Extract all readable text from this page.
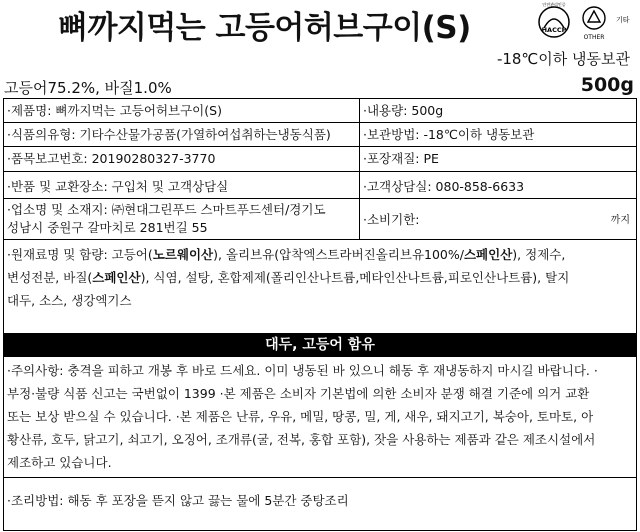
뼈까지먹는 고등어허브구이(S)	HACCP
안전관리인증
OTHER
기타
-18℃이하 냉동보관
고등어75.2%, 바질1.0%	500g
·제품명: 뼈까지먹는 고등어허브구이(S)	·내용량: 500g
·식품의유형: 기타수산물가공품(가열하여섭취하는냉동식품)	·보관방법: -18℃이하 냉동보관
·품목보고번호: 20190280327-3770	·포장재질: PE
·반품 및 교환장소: 구입처 및 고객상담실	·고객상담실: 080-858-6633
·업소명 및 소재지: ㈜현대그린푸드 스마트푸드센터/경기도
성남시 중원구 갈마치로 281번길 55
·소비기한:	까지
·원재료명 및 함량: 고등어(노르웨이산), 올리브유(압착엑스트라버진올리브유100%/스페인산), 정제수,
변성전분, 바질(스페인산), 식염, 설탕, 혼합제제(폴리인산나트륨,메타인산나트륨,피로인산나트륨), 탈지
대두, 소스, 생강엑기스
대두, 고등어 함유
·주의사항: 충격을 피하고 개봉 후 바로 드세요. 이미 냉동된 바 있으니 해동 후 재냉동하지 마시길 바랍니다. ·
부정·불량 식품 신고는 국번없이 1399 ·본 제품은 소비자 기본법에 의한 소비자 분쟁 해결 기준에 의거 교환
또는 보상 받으실 수 있습니다. ·본 제품은 난류, 우유, 메밀, 땅콩, 밀, 게, 새우, 돼지고기, 복숭아, 토마토, 아
황산류, 호두, 닭고기, 쇠고기, 오징어, 조개류(굴, 전복, 홍합 포함), 잣을 사용하는 제품과 같은 제조시설에서
제조하고 있습니다.
·조리방법: 해동 후 포장을 뜯지 않고 끓는 물에 5분간 중탕조리
